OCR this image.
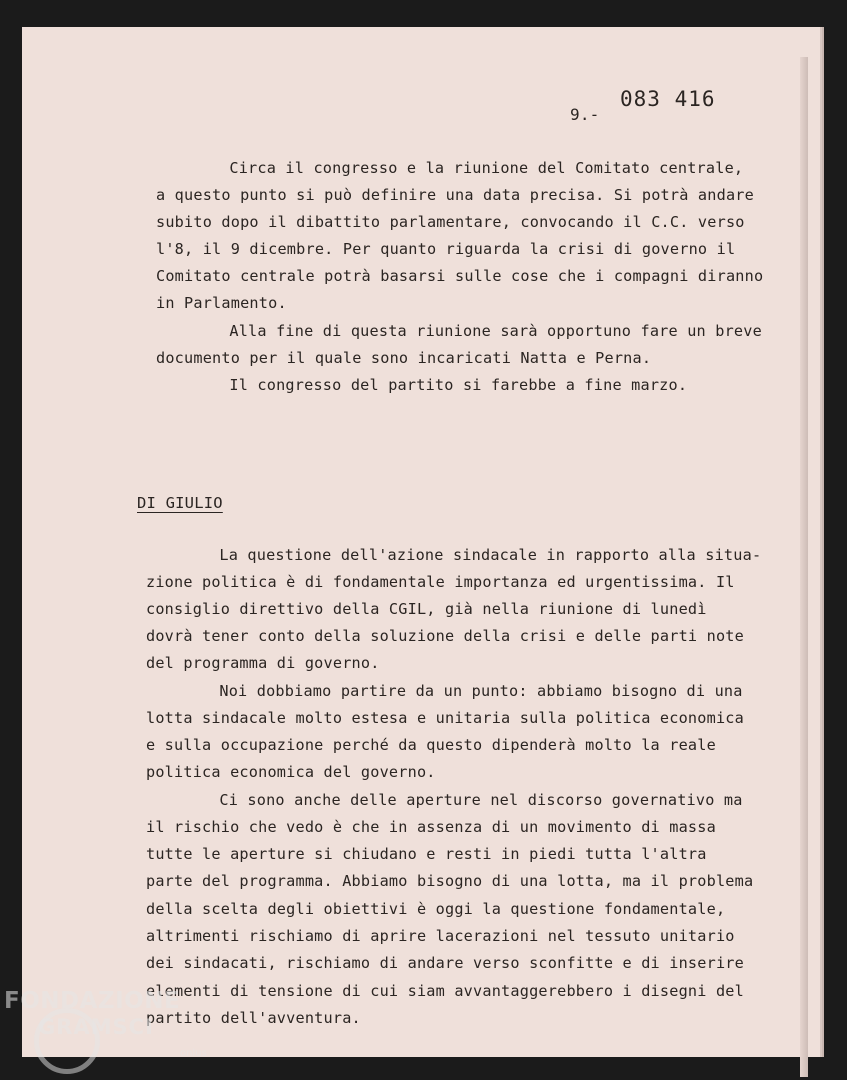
083 416
9.-
Circa il congresso e la riunione del Comitato centrale,
a questo punto si può definire una data precisa. Si potrà andare
subito dopo il dibattito parlamentare, convocando il C.C. verso
l'8, il 9 dicembre. Per quanto riguarda la crisi di governo il
Comitato centrale potrà basarsi sulle cose che i compagni diranno
in Parlamento.
Alla fine di questa riunione sarà opportuno fare un breve
documento per il quale sono incaricati Natta e Perna.
Il congresso del partito si farebbe a fine marzo.
DI GIULIO
La questione dell'azione sindacale in rapporto alla situa-
zione politica è di fondamentale importanza ed urgentissima. Il
consiglio direttivo della CGIL, già nella riunione di lunedì
dovrà tener conto della soluzione della crisi e delle parti note
del programma di governo.
Noi dobbiamo partire da un punto: abbiamo bisogno di una
lotta sindacale molto estesa e unitaria sulla politica economica
e sulla occupazione perché da questo dipenderà molto la reale
politica economica del governo.
Ci sono anche delle aperture nel discorso governativo ma
il rischio che vedo è che in assenza di un movimento di massa
tutte le aperture si chiudano e resti in piedi tutta l'altra
parte del programma. Abbiamo bisogno di una lotta, ma il problema
della scelta degli obiettivi è oggi la questione fondamentale,
altrimenti rischiamo di aprire lacerazioni nel tessuto unitario
dei sindacati, rischiamo di andare verso sconfitte e di inserire
elementi di tensione di cui siam avvantaggerebbero i disegni del
partito dell'avventura.
FONDAZIONE
GRAMSCI
onlus
